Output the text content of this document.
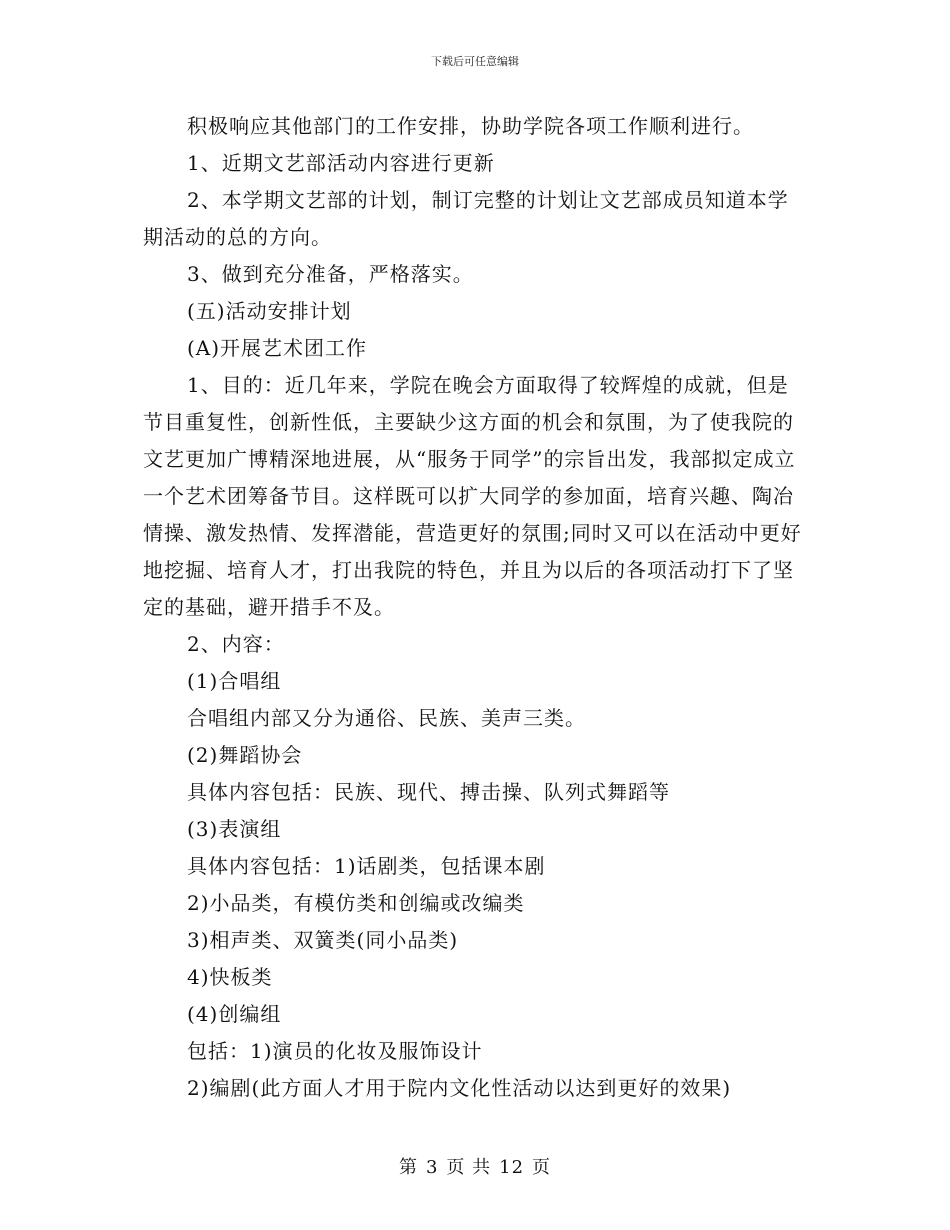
下载后可任意编辑

积极响应其他部门的工作安排，协助学院各项工作顺利进行。

1、近期文艺部活动内容进行更新

2、本学期文艺部的计划，制订完整的计划让文艺部成员知道本学期活动的总的方向。

3、做到充分准备，严格落实。

(五)活动安排计划

(A)开展艺术团工作

1、目的：近几年来，学院在晚会方面取得了较辉煌的成就，但是节目重复性，创新性低，主要缺少这方面的机会和氛围，为了使我院的文艺更加广博精深地进展，从“服务于同学”的宗旨出发，我部拟定成立一个艺术团筹备节目。这样既可以扩大同学的参加面，培育兴趣、陶冶情操、激发热情、发挥潜能，营造更好的氛围;同时又可以在活动中更好地挖掘、培育人才，打出我院的特色，并且为以后的各项活动打下了坚定的基础，避开措手不及。

2、内容：

(1)合唱组

合唱组内部又分为通俗、民族、美声三类。

(2)舞蹈协会

具体内容包括：民族、现代、搏击操、队列式舞蹈等

(3)表演组

具体内容包括：1)话剧类，包括课本剧

2)小品类，有模仿类和创编或改编类

3)相声类、双簧类(同小品类)

4)快板类

(4)创编组

包括：1)演员的化妆及服饰设计

2)编剧(此方面人才用于院内文化性活动以达到更好的效果)

第 3 页 共 12 页
